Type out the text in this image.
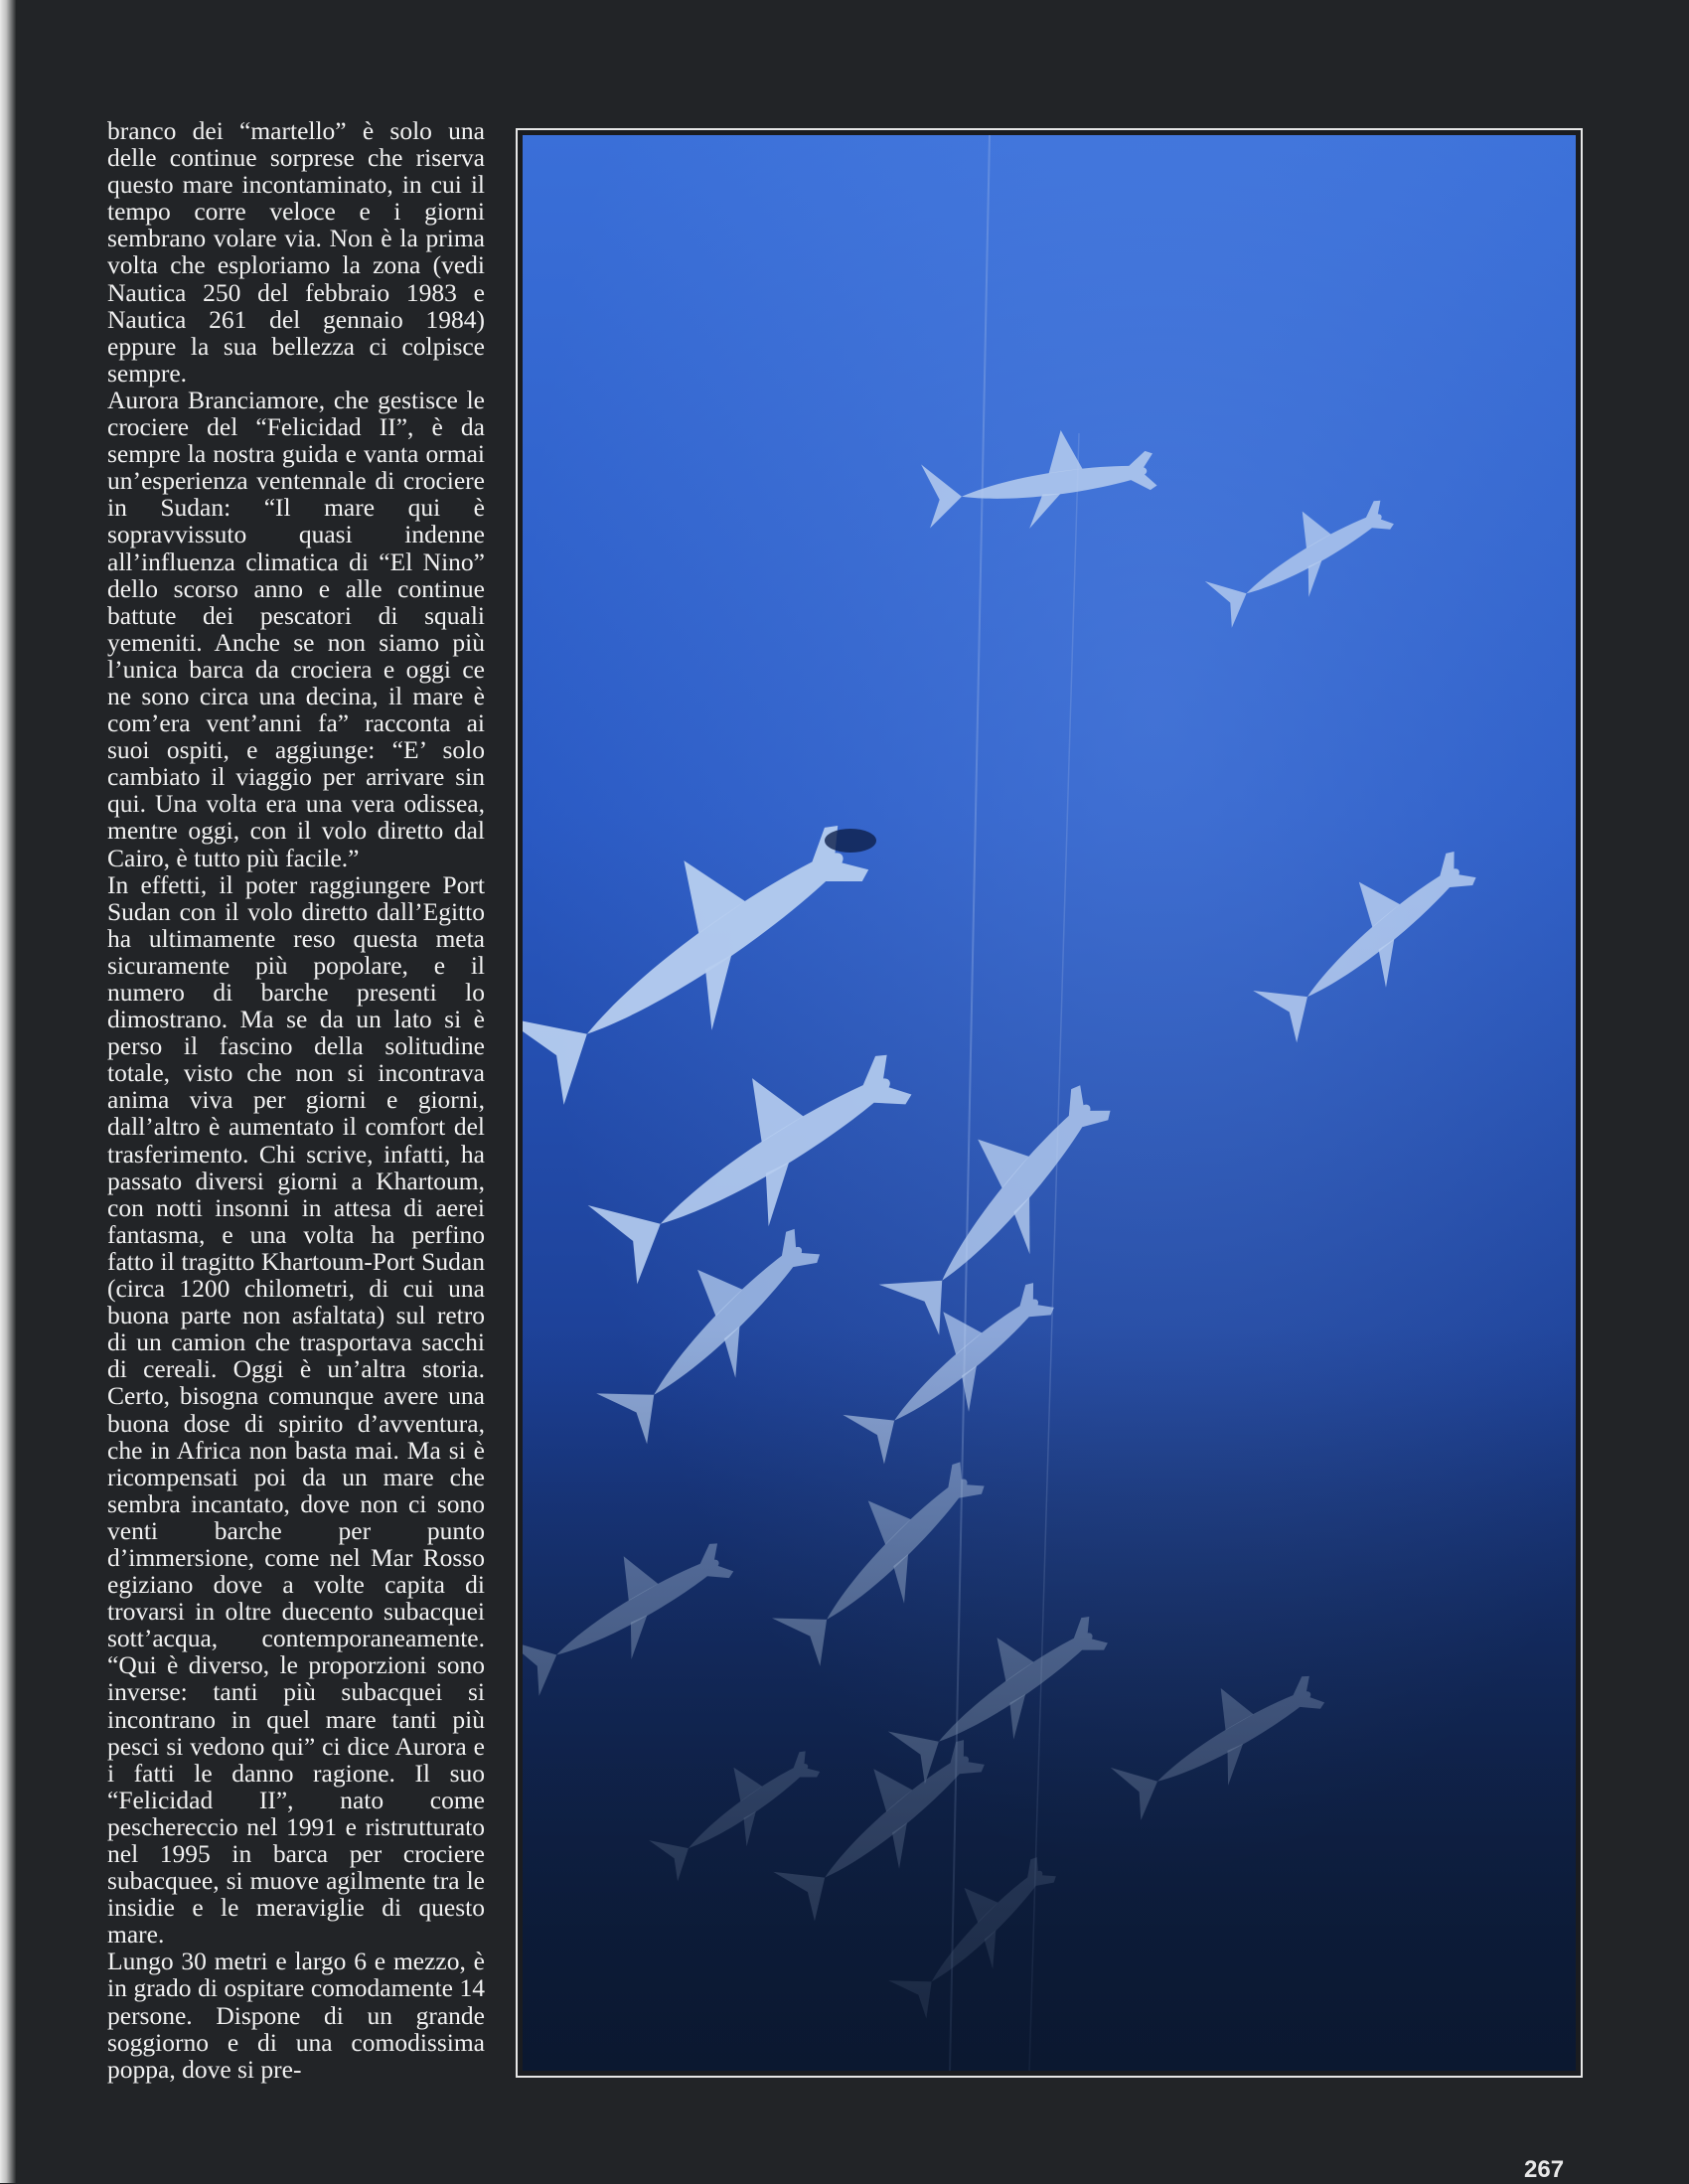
branco dei “martello” è solo una delle continue sorprese che riserva questo mare incontaminato, in cui il tempo corre veloce e i giorni sembrano volare via. Non è la prima volta che esploriamo la zona (vedi Nautica 250 del febbraio 1983 e Nautica 261 del gennaio 1984) eppure la sua bellezza ci colpisce sempre.

Aurora Branciamore, che gestisce le crociere del “Felicidad II”, è da sempre la nostra guida e vanta ormai un’esperienza ventennale di crociere in Sudan: “Il mare qui è sopravvissuto quasi indenne all’influenza climatica di “El Nino” dello scorso anno e alle continue battute dei pescatori di squali yemeniti. Anche se non siamo più l’unica barca da crociera e oggi ce ne sono circa una decina, il mare è com’era vent’anni fa” racconta ai suoi ospiti, e aggiunge: “E’ solo cambiato il viaggio per arrivare sin qui. Una volta era una vera odissea, mentre oggi, con il volo diretto dal Cairo, è tutto più facile.”

In effetti, il poter raggiungere Port Sudan con il volo diretto dall’Egitto ha ultimamente reso questa meta sicuramente più popolare, e il numero di barche presenti lo dimostrano. Ma se da un lato si è perso il fascino della solitudine totale, visto che non si incontrava anima viva per giorni e giorni, dall’altro è aumentato il comfort del trasferimento. Chi scrive, infatti, ha passato diversi giorni a Khartoum, con notti insonni in attesa di aerei fantasma, e una volta ha perfino fatto il tragitto Khartoum-Port Sudan (circa 1200 chilometri, di cui una buona parte non asfaltata) sul retro di un camion che trasportava sacchi di cereali. Oggi è un’altra storia. Certo, bisogna comunque avere una buona dose di spirito d’avventura, che in Africa non basta mai. Ma si è ricompensati poi da un mare che sembra incantato, dove non ci sono venti barche per punto d’immersione, come nel Mar Rosso egiziano dove a volte capita di trovarsi in oltre duecento subacquei sott’acqua, contemporaneamente. “Qui è diverso, le proporzioni sono inverse: tanti più subacquei si incontrano in quel mare tanti più pesci si vedono qui” ci dice Aurora e i fatti le danno ragione. Il suo “Felicidad II”, nato come peschereccio nel 1991 e ristrutturato nel 1995 in barca per crociere subacquee, si muove agilmente tra le insidie e le meraviglie di questo mare.

Lungo 30 metri e largo 6 e mezzo, è in grado di ospitare comodamente 14 persone. Dispone di un grande soggiorno e di una comodissima poppa, dove si pre-

267
